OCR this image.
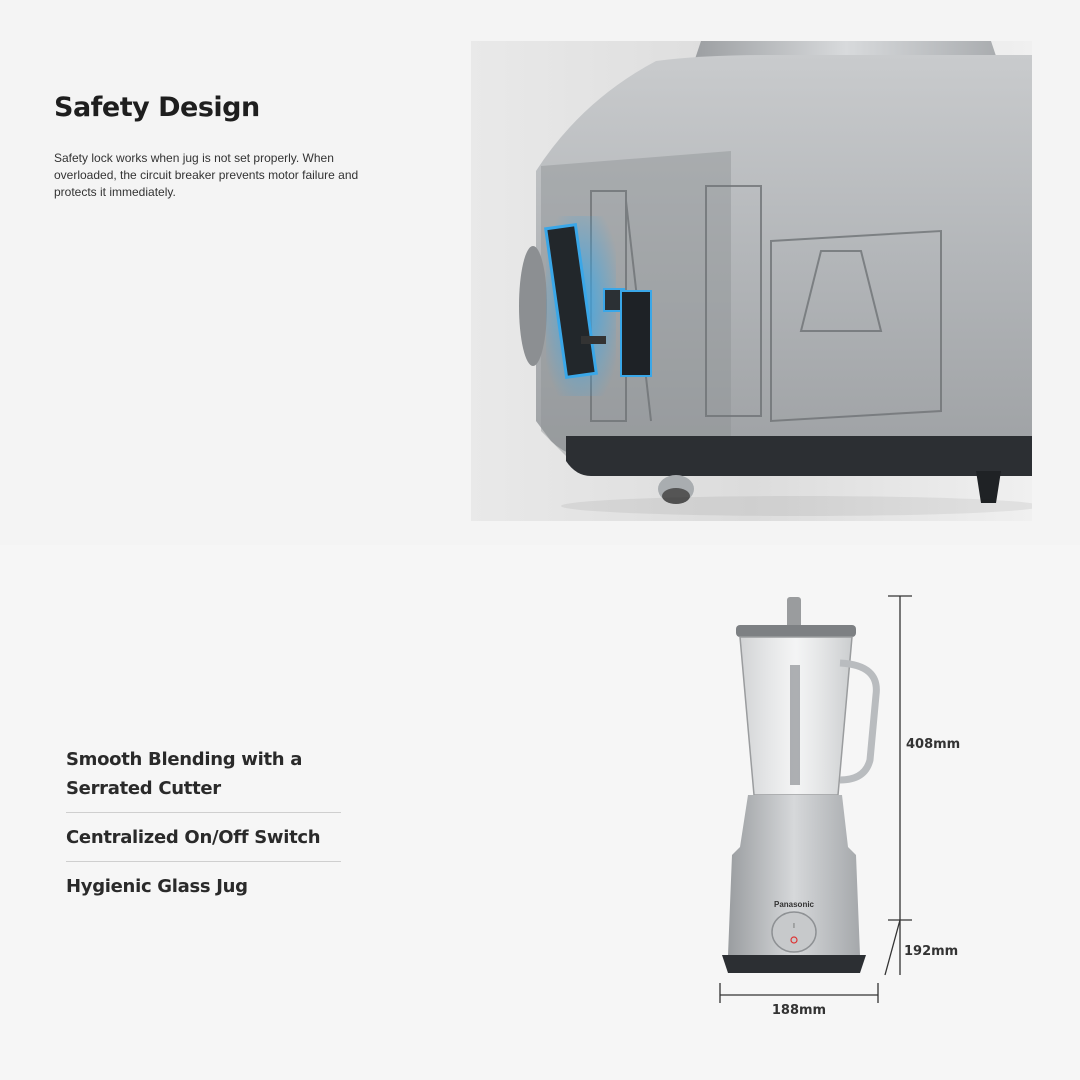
Safety Design

Safety lock works when jug is not set properly. When overloaded, the circuit breaker prevents motor failure and protects it immediately.

Smooth Blending with a Serrated Cutter
Centralized On/Off Switch
Hygienic Glass Jug
Panasonic
I
408mm
192mm
188mm
